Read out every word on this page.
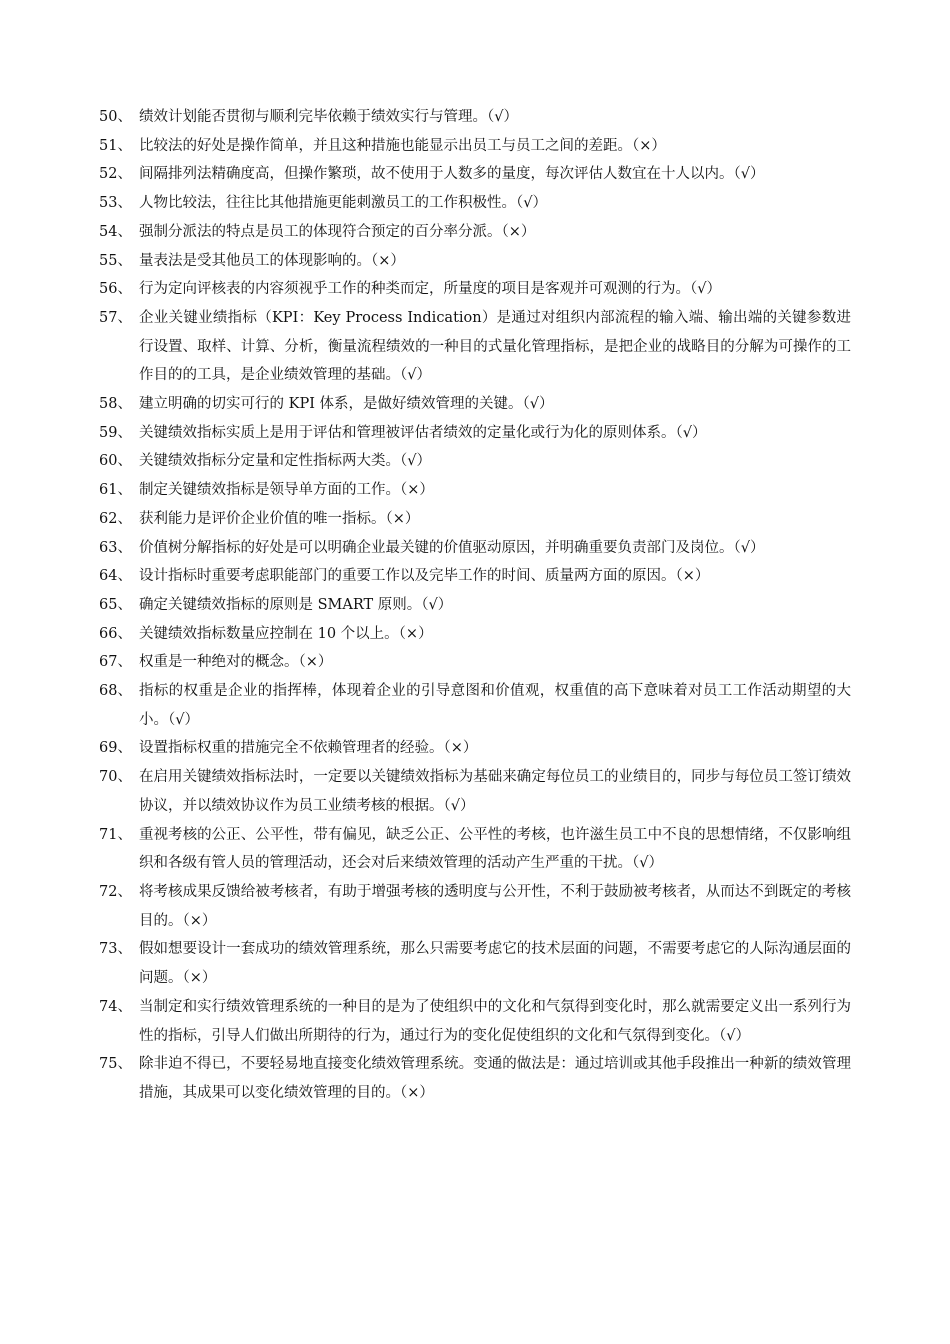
50、 绩效计划能否贯彻与顺利完毕依赖于绩效实行与管理。（√）
51、 比较法的好处是操作简单，并且这种措施也能显示出员工与员工之间的差距。（×）
52、 间隔排列法精确度高，但操作繁琐，故不使用于人数多的量度，每次评估人数宜在十人以内。（√）
53、 人物比较法，往往比其他措施更能刺激员工的工作积极性。（√）
54、 强制分派法的特点是员工的体现符合预定的百分率分派。（×）
55、 量表法是受其他员工的体现影响的。（×）
56、 行为定向评核表的内容须视乎工作的种类而定，所量度的项目是客观并可观测的行为。（√）
57、 企业关键业绩指标（KPI：Key Process Indication）是通过对组织内部流程的输入端、输出端的关键参数进行设置、取样、计算、分析，衡量流程绩效的一种目的式量化管理指标，是把企业的战略目的分解为可操作的工作目的的工具，是企业绩效管理的基础。（√）
58、 建立明确的切实可行的 KPI 体系，是做好绩效管理的关键。（√）
59、 关键绩效指标实质上是用于评估和管理被评估者绩效的定量化或行为化的原则体系。（√）
60、 关键绩效指标分定量和定性指标两大类。（√）
61、 制定关键绩效指标是领导单方面的工作。（×）
62、 获利能力是评价企业价值的唯一指标。（×）
63、 价值树分解指标的好处是可以明确企业最关键的价值驱动原因，并明确重要负责部门及岗位。（√）
64、 设计指标时重要考虑职能部门的重要工作以及完毕工作的时间、质量两方面的原因。（×）
65、 确定关键绩效指标的原则是 SMART 原则。（√）
66、 关键绩效指标数量应控制在 10 个以上。（×）
67、 权重是一种绝对的概念。（×）
68、 指标的权重是企业的指挥棒，体现着企业的引导意图和价值观，权重值的高下意味着对员工工作活动期望的大小。（√）
69、 设置指标权重的措施完全不依赖管理者的经验。（×）
70、 在启用关键绩效指标法时，一定要以关键绩效指标为基础来确定每位员工的业绩目的，同步与每位员工签订绩效协议，并以绩效协议作为员工业绩考核的根据。（√）
71、 重视考核的公正、公平性，带有偏见，缺乏公正、公平性的考核，也许滋生员工中不良的思想情绪，不仅影响组织和各级有管人员的管理活动，还会对后来绩效管理的活动产生严重的干扰。（√）
72、 将考核成果反馈给被考核者，有助于增强考核的透明度与公开性，不利于鼓励被考核者，从而达不到既定的考核目的。（×）
73、 假如想要设计一套成功的绩效管理系统，那么只需要考虑它的技术层面的问题，不需要考虑它的人际沟通层面的问题。（×）
74、 当制定和实行绩效管理系统的一种目的是为了使组织中的文化和气氛得到变化时，那么就需要定义出一系列行为性的指标，引导人们做出所期待的行为，通过行为的变化促使组织的文化和气氛得到变化。（√）
75、 除非迫不得已，不要轻易地直接变化绩效管理系统。变通的做法是：通过培训或其他手段推出一种新的绩效管理措施，其成果可以变化绩效管理的目的。（×）
